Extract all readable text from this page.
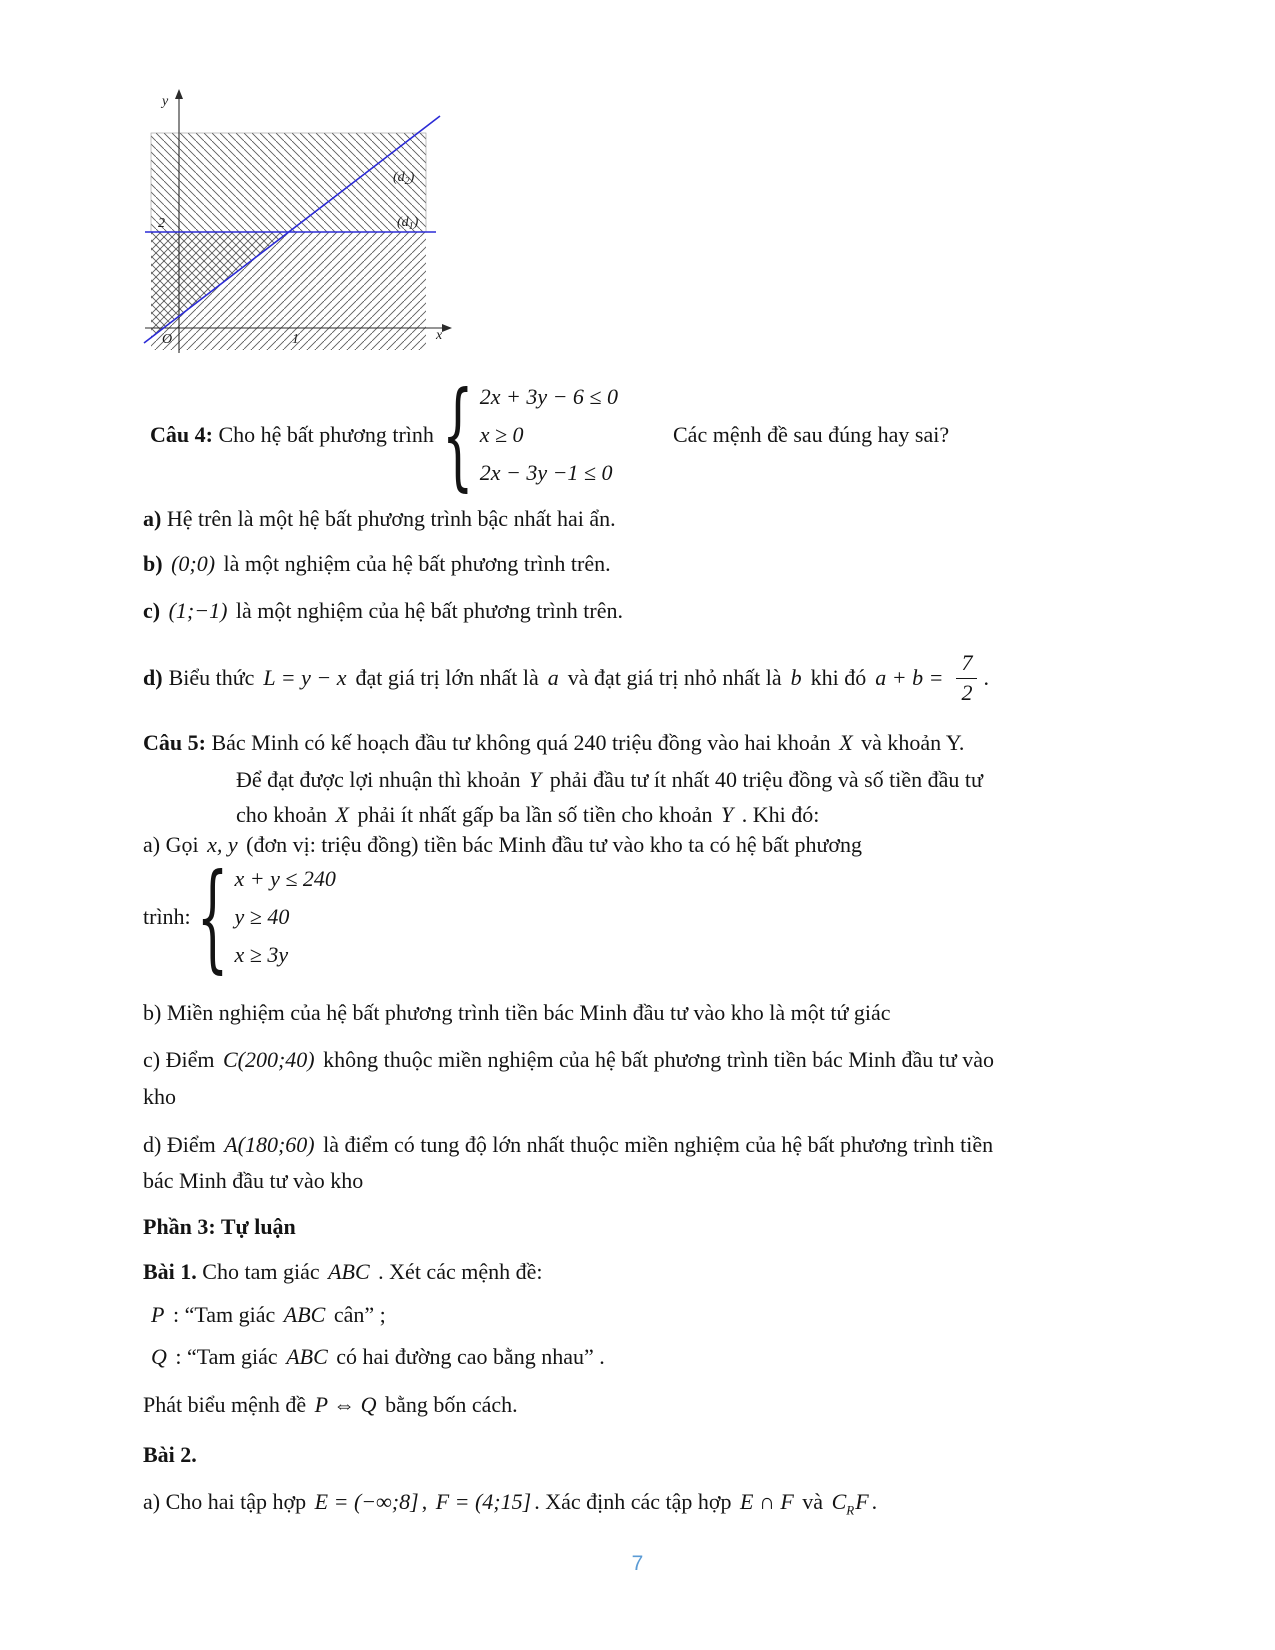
y
x
O	1
2
$(d_2)$
$(d_1)$
Câu 4: Cho hệ bất phương trình { 2x + 3y − 6 ≤ 0
x ≥ 0
2x − 3y −1 ≤ 0
Các mệnh đề sau đúng hay sai?
a) Hệ trên là một hệ bất phương trình bậc nhất hai ẩn.
b) (0;0) là một nghiệm của hệ bất phương trình trên.
c) (1;−1) là một nghiệm của hệ bất phương trình trên.
d) Biểu thức L = y − x đạt giá trị lớn nhất là a và đạt giá trị nhỏ nhất là b khi đó $a + b = \frac{7}{2}$ .
Câu 5: Bác Minh có kế hoạch đầu tư không quá 240 triệu đồng vào hai khoản X và khoản Y.
Để đạt được lợi nhuận thì khoản Y phải đầu tư ít nhất 40 triệu đồng và số tiền đầu tư
cho khoản X phải ít nhất gấp ba lần số tiền cho khoản Y . Khi đó:
a) Gọi x, y (đơn vị: triệu đồng) tiền bác Minh đầu tư vào kho ta có hệ bất phương
trình: { x + y ≤ 240
y ≥ 40
x ≥ 3y
b) Miền nghiệm của hệ bất phương trình tiền bác Minh đầu tư vào kho là một tứ giác
c) Điểm C(200;40) không thuộc miền nghiệm của hệ bất phương trình tiền bác Minh đầu tư vào
kho
d) Điểm A(180;60) là điểm có tung độ lớn nhất thuộc miền nghiệm của hệ bất phương trình tiền
bác Minh đầu tư vào kho
Phần 3: Tự luận
Bài 1. Cho tam giác ABC . Xét các mệnh đề:
P : “Tam giác ABC cân” ;
Q : “Tam giác ABC có hai đường cao bằng nhau” .
Phát biểu mệnh đề P ⇔ Q bằng bốn cách.
Bài 2.
a) Cho hai tập hợp E = (−∞;8] , F = (4;15] . Xác định các tập hợp E ∩ F và $C_RF$ .
7
